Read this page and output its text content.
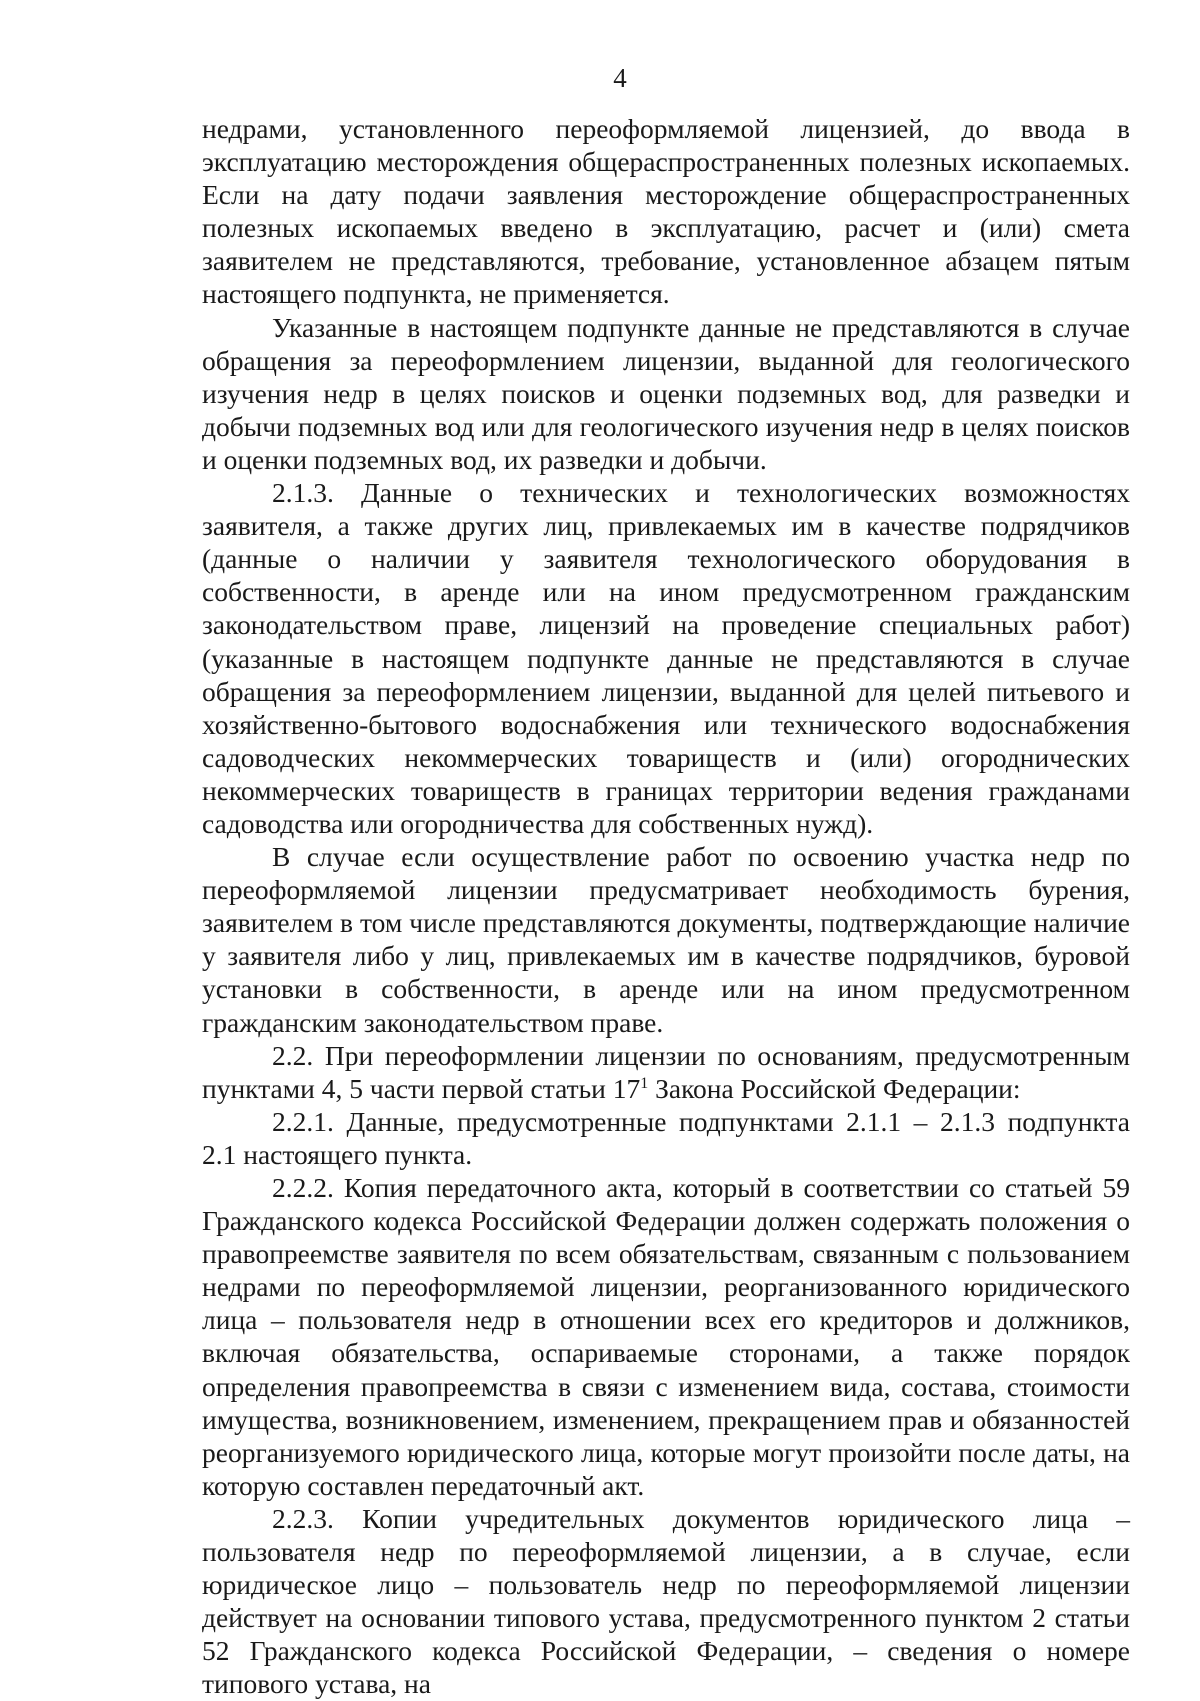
4

недрами, установленного переоформляемой лицензией, до ввода в эксплуатацию месторождения общераспространенных полезных ископаемых. Если на дату подачи заявления месторождение общераспространенных полезных ископаемых введено в эксплуатацию, расчет и (или) смета заявителем не представляются, требование, установленное абзацем пятым настоящего подпункта, не применяется.

Указанные в настоящем подпункте данные не представляются в случае обращения за переоформлением лицензии, выданной для геологического изучения недр в целях поисков и оценки подземных вод, для разведки и добычи подземных вод или для геологического изучения недр в целях поисков и оценки подземных вод, их разведки и добычи.

2.1.3. Данные о технических и технологических возможностях заявителя, а также других лиц, привлекаемых им в качестве подрядчиков (данные о наличии у заявителя технологического оборудования в собственности, в аренде или на ином предусмотренном гражданским законодательством праве, лицензий на проведение специальных работ) (указанные в настоящем подпункте данные не представляются в случае обращения за переоформлением лицензии, выданной для целей питьевого и хозяйственно-бытового водоснабжения или технического водоснабжения садоводческих некоммерческих товариществ и (или) огороднических некоммерческих товариществ в границах территории ведения гражданами садоводства или огородничества для собственных нужд).

В случае если осуществление работ по освоению участка недр по переоформляемой лицензии предусматривает необходимость бурения, заявителем в том числе представляются документы, подтверждающие наличие у заявителя либо у лиц, привлекаемых им в качестве подрядчиков, буровой установки в собственности, в аренде или на ином предусмотренном гражданским законодательством праве.

2.2. При переоформлении лицензии по основаниям, предусмотренным пунктами 4, 5 части первой статьи $17^1$ Закона Российской Федерации:

2.2.1. Данные, предусмотренные подпунктами 2.1.1 – 2.1.3 подпункта 2.1 настоящего пункта.

2.2.2. Копия передаточного акта, который в соответствии со статьей 59 Гражданского кодекса Российской Федерации должен содержать положения о правопреемстве заявителя по всем обязательствам, связанным с пользованием недрами по переоформляемой лицензии, реорганизованного юридического лица – пользователя недр в отношении всех его кредиторов и должников, включая обязательства, оспариваемые сторонами, а также порядок определения правопреемства в связи с изменением вида, состава, стоимости имущества, возникновением, изменением, прекращением прав и обязанностей реорганизуемого юридического лица, которые могут произойти после даты, на которую составлен передаточный акт.

2.2.3. Копии учредительных документов юридического лица – пользователя недр по переоформляемой лицензии, а в случае, если юридическое лицо – пользователь недр по переоформляемой лицензии действует на основании типового устава, предусмотренного пунктом 2 статьи 52 Гражданского кодекса Российской Федерации, – сведения о номере типового устава, на
